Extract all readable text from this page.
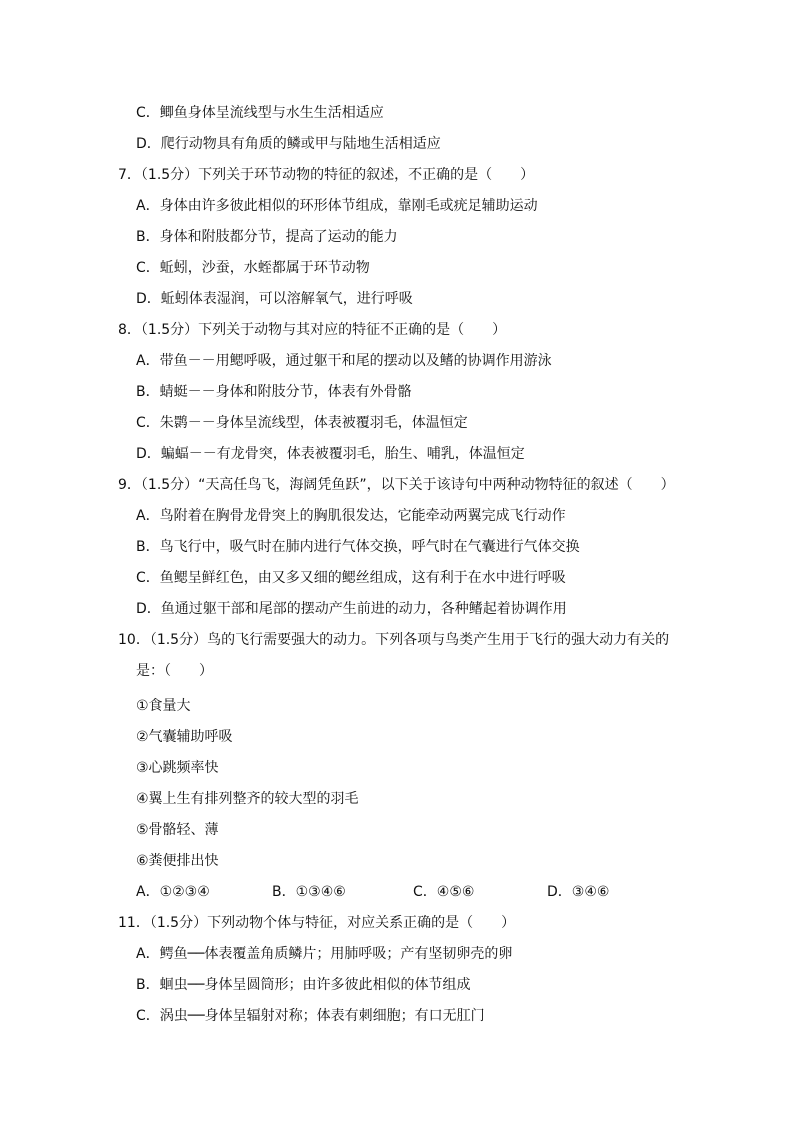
C．鲫鱼身体呈流线型与水生生活相适应
D．爬行动物具有角质的鳞或甲与陆地生活相适应
7．（1.5分）下列关于环节动物的特征的叙述，不正确的是（　　）
A．身体由许多彼此相似的环形体节组成，靠刚毛或疣足辅助运动
B．身体和附肢都分节，提高了运动的能力
C．蚯蚓，沙蚕，水蛭都属于环节动物
D．蚯蚓体表湿润，可以溶解氧气，进行呼吸
8．（1.5分）下列关于动物与其对应的特征不正确的是（　　）
A．带鱼－－用鳃呼吸，通过躯干和尾的摆动以及鳍的协调作用游泳
B．蜻蜓－－身体和附肢分节，体表有外骨骼
C．朱鹮－－身体呈流线型，体表被覆羽毛，体温恒定
D．蝙蝠－－有龙骨突，体表被覆羽毛，胎生、哺乳，体温恒定
9．（1.5分）“天高任鸟飞，海阔凭鱼跃”，以下关于该诗句中两种动物特征的叙述（　　）
A．鸟附着在胸骨龙骨突上的胸肌很发达，它能牵动两翼完成飞行动作
B．鸟飞行中，吸气时在肺内进行气体交换，呼气时在气囊进行气体交换
C．鱼鳃呈鲜红色，由又多又细的鳃丝组成，这有利于在水中进行呼吸
D．鱼通过躯干部和尾部的摆动产生前进的动力，各种鳍起着协调作用
10．（1.5分）鸟的飞行需要强大的动力。下列各项与鸟类产生用于飞行的强大动力有关的
是：（　　）
①食量大
②气囊辅助呼吸
③心跳频率快
④翼上生有排列整齐的较大型的羽毛
⑤骨骼轻、薄
⑥粪便排出快
A．①②③④	B．①③④⑥	C．④⑤⑥	D．③④⑥
11．（1.5分）下列动物个体与特征，对应关系正确的是（　　）
A．鳄鱼──体表覆盖角质鳞片；用肺呼吸；产有坚韧卵壳的卵
B．蛔虫──身体呈圆筒形；由许多彼此相似的体节组成
C．涡虫──身体呈辐射对称；体表有刺细胞；有口无肛门
